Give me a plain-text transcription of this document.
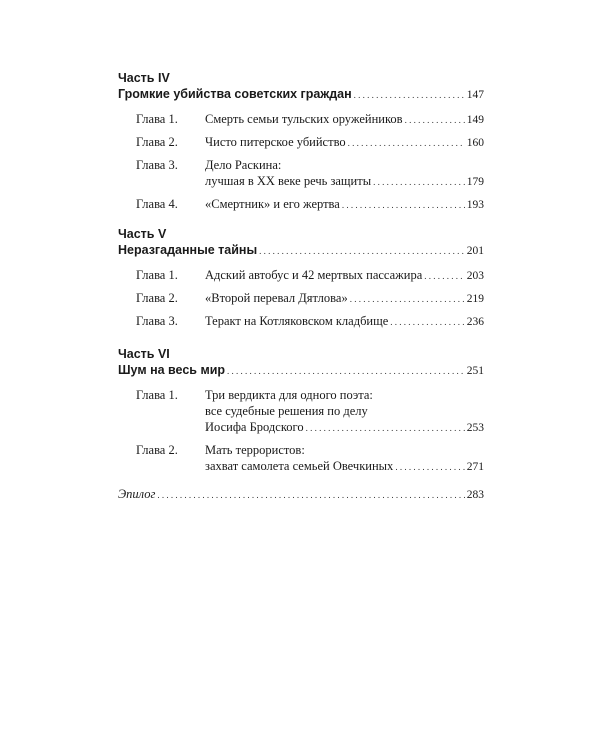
Часть IV
Громкие убийства советских граждан . . .	147
Глава 1.	Смерть семьи тульских оружейников . . .	149
Глава 2.	Чисто питерское убийство . . .	160
Глава 3.	Дело Раскина:
лучшая в XX веке речь защиты . . .	179
Глава 4.	«Смертник» и его жертва . . .	193
Часть V
Неразгаданные тайны . . .	201
Глава 1.	Адский автобус и 42 мертвых пассажира . . .	203
Глава 2.	«Второй перевал Дятлова» . . .	219
Глава 3.	Теракт на Котляковском кладбище . . .	236
Часть VI
Шум на весь мир . . .	251
Глава 1.	Три вердикта для одного поэта:
все судебные решения по делу
Иосифа Бродского . . .	253
Глава 2.	Мать террористов:
захват самолета семьей Овечкиных . . .	271
Эпилог . . .	283
